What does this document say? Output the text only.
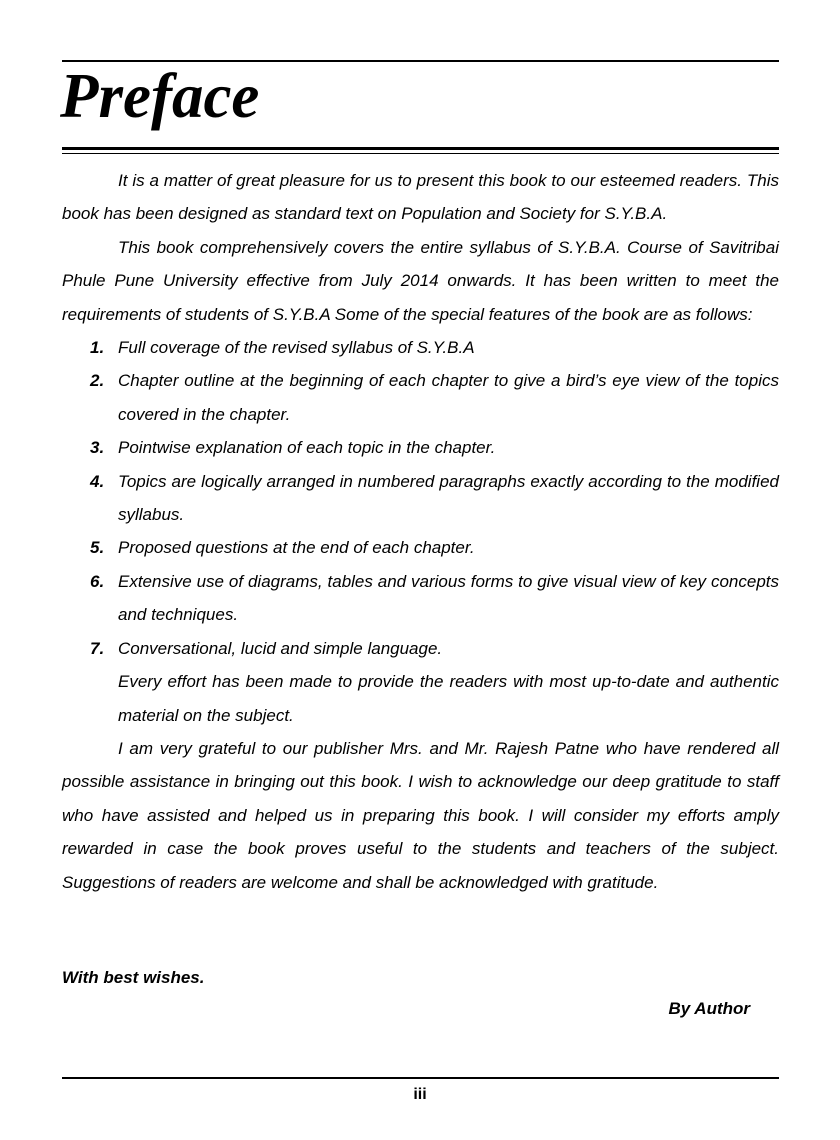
Preface

It is a matter of great pleasure for us to present this book to our esteemed readers. This book has been designed as standard text on Population and Society for S.Y.B.A.

This book comprehensively covers the entire syllabus of S.Y.B.A. Course of Savitribai Phule Pune University effective from July 2014 onwards. It has been written to meet the requirements of students of S.Y.B.A Some of the special features of the book are as follows:

1. Full coverage of the revised syllabus of S.Y.B.A
2. Chapter outline at the beginning of each chapter to give a bird’s eye view of the topics covered in the chapter.
3. Pointwise explanation of each topic in the chapter.
4. Topics are logically arranged in numbered paragraphs exactly according to the modified syllabus.
5. Proposed questions at the end of each chapter.
6. Extensive use of diagrams, tables and various forms to give visual view of key concepts and techniques.
7. Conversational, lucid and simple language.

Every effort has been made to provide the readers with most up-to-date and authentic material on the subject.

I am very grateful to our publisher Mrs. and Mr. Rajesh Patne who have rendered all possible assistance in bringing out this book. I wish to acknowledge our deep gratitude to staff who have assisted and helped us in preparing this book. I will consider my efforts amply rewarded in case the book proves useful to the students and teachers of the subject. Suggestions of readers are welcome and shall be acknowledged with gratitude.

With best wishes.

By Author

iii
